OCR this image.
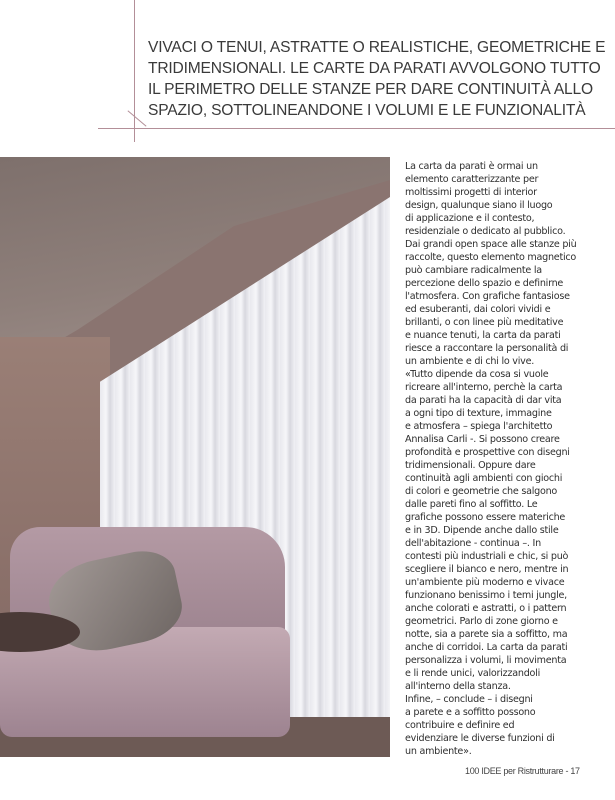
VIVACI O TENUI, ASTRATTE O REALISTICHE, GEOMETRICHE E
TRIDIMENSIONALI. LE CARTE DA PARATI AVVOLGONO TUTTO
IL PERIMETRO DELLE STANZE PER DARE CONTINUITÀ ALLO
SPAZIO, SOTTOLINEANDONE I VOLUMI E LE FUNZIONALITÀ
La carta da parati è ormai un
elemento caratterizzante per
moltissimi progetti di interior
design, qualunque siano il luogo
di applicazione e il contesto,
residenziale o dedicato al pubblico.
Dai grandi open space alle stanze più
raccolte, questo elemento magnetico
può cambiare radicalmente la
percezione dello spazio e definirne
l'atmosfera. Con grafiche fantasiose
ed esuberanti, dai colori vividi e
brillanti, o con linee più meditative
e nuance tenuti, la carta da parati
riesce a raccontare la personalità di
un ambiente e di chi lo vive.
«Tutto dipende da cosa si vuole
ricreare all'interno, perchè la carta
da parati ha la capacità di dar vita
a ogni tipo di texture, immagine
e atmosfera – spiega l'architetto
Annalisa Carli -. Si possono creare
profondità e prospettive con disegni
tridimensionali. Oppure dare
continuità agli ambienti con giochi
di colori e geometrie che salgono
dalle pareti fino al soffitto. Le
grafiche possono essere materiche
e in 3D. Dipende anche dallo stile
dell'abitazione - continua –. In
contesti più industriali e chic, si può
scegliere il bianco e nero, mentre in
un'ambiente più moderno e vivace
funzionano benissimo i temi jungle,
anche colorati e astratti, o i pattern
geometrici. Parlo di zone giorno e
notte, sia a parete sia a soffitto, ma
anche di corridoi. La carta da parati
personalizza i volumi, li movimenta
e li rende unici, valorizzandoli
all'interno della stanza.
Infine, – conclude – i disegni
a parete e a soffitto possono
contribuire e definire ed
evidenziare le diverse funzioni di
un ambiente».
100 IDEE per Ristrutturare - 17
